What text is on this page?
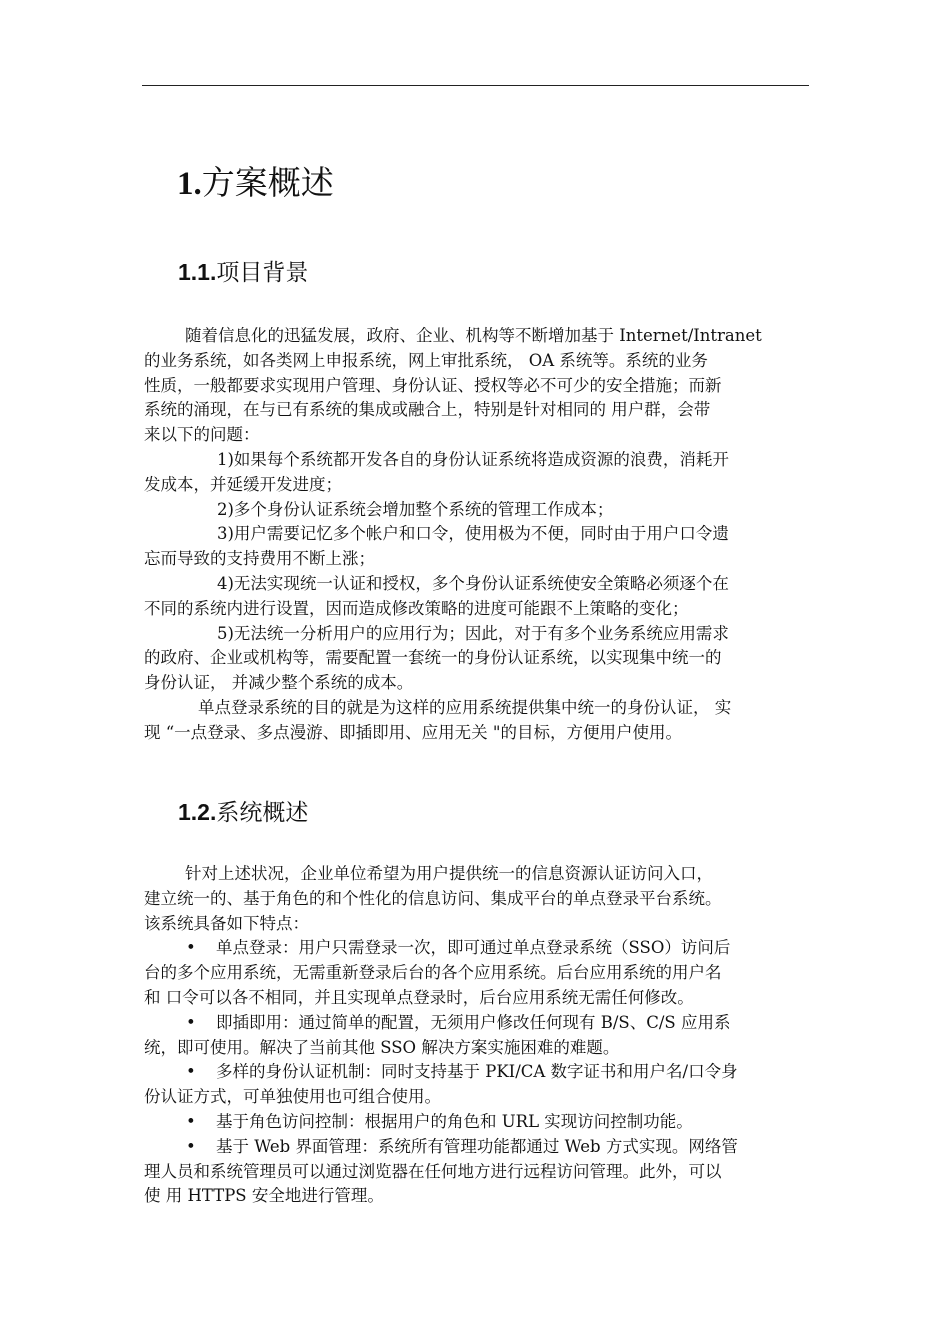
1.方案概述
1.1.项目背景
随着信息化的迅猛发展，政府、企业、机构等不断增加基于 Internet/Intranet
的业务系统，如各类网上申报系统，网上审批系统， OA 系统等。系统的业务
性质，一般都要求实现用户管理、身份认证、授权等必不可少的安全措施；而新
系统的涌现，在与已有系统的集成或融合上，特别是针对相同的 用户群，会带
来以下的问题：
1)如果每个系统都开发各自的身份认证系统将造成资源的浪费，消耗开
发成本，并延缓开发进度；
2)多个身份认证系统会增加整个系统的管理工作成本；
3)用户需要记忆多个帐户和口令，使用极为不便，同时由于用户口令遗
忘而导致的支持费用不断上涨；
4)无法实现统一认证和授权，多个身份认证系统使安全策略必须逐个在
不同的系统内进行设置，因而造成修改策略的进度可能跟不上策略的变化；
5)无法统一分析用户的应用行为；因此，对于有多个业务系统应用需求
的政府、企业或机构等，需要配置一套统一的身份认证系统，以实现集中统一的
身份认证， 并减少整个系统的成本。
单点登录系统的目的就是为这样的应用系统提供集中统一的身份认证， 实
现 “一点登录、多点漫游、即插即用、应用无关 "的目标，方便用户使用。
1.2.系统概述
针对上述状况，企业单位希望为用户提供统一的信息资源认证访问入口，
建立统一的、基于角色的和个性化的信息访问、集成平台的单点登录平台系统。
该系统具备如下特点：
• 单点登录：用户只需登录一次，即可通过单点登录系统（SSO）访问后
台的多个应用系统，无需重新登录后台的各个应用系统。后台应用系统的用户名
和 口令可以各不相同，并且实现单点登录时，后台应用系统无需任何修改。
• 即插即用：通过简单的配置，无须用户修改任何现有 B/S、C/S 应用系
统，即可使用。解决了当前其他 SSO 解决方案实施困难的难题。
• 多样的身份认证机制：同时支持基于 PKI/CA 数字证书和用户名/口令身
份认证方式，可单独使用也可组合使用。
• 基于角色访问控制：根据用户的角色和 URL 实现访问控制功能。
• 基于 Web 界面管理：系统所有管理功能都通过 Web 方式实现。网络管
理人员和系统管理员可以通过浏览器在任何地方进行远程访问管理。此外，可以
使 用 HTTPS 安全地进行管理。
